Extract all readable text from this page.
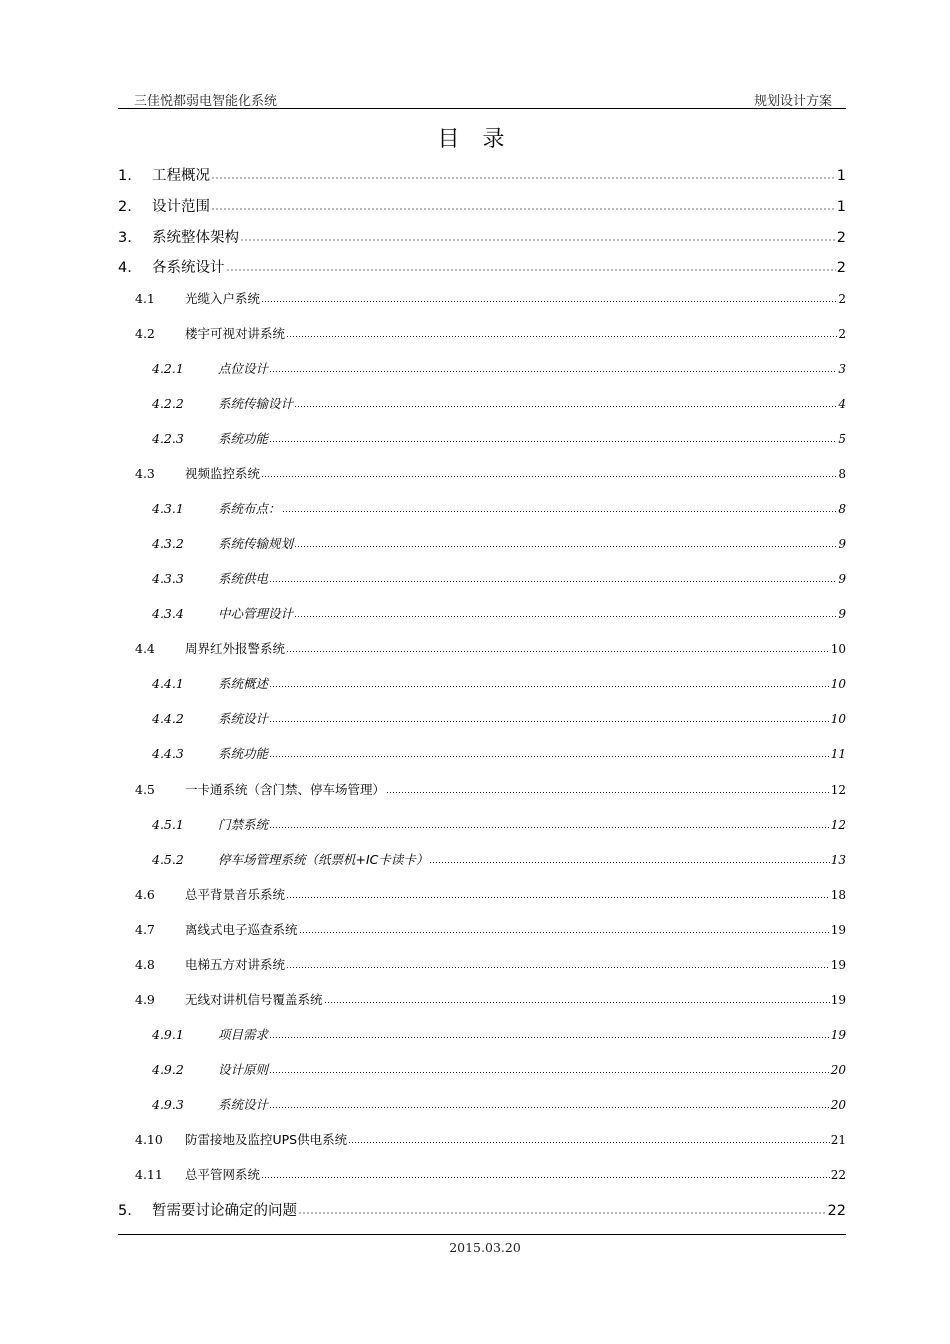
三佳悦都弱电智能化系统	规划设计方案
目 录
1.	工程概况	1
2.	设计范围	1
3.	系统整体架构	2
4.	各系统设计	2
4.1	光缆入户系统	2
4.2	楼宇可视对讲系统	2
4.2.1	点位设计	3
4.2.2	系统传输设计	4
4.2.3	系统功能	5
4.3	视频监控系统	8
4.3.1	系统布点：	8
4.3.2	系统传输规划	9
4.3.3	系统供电	9
4.3.4	中心管理设计	9
4.4	周界红外报警系统	10
4.4.1	系统概述	10
4.4.2	系统设计	10
4.4.3	系统功能	11
4.5	一卡通系统（含门禁、停车场管理）	12
4.5.1	门禁系统	12
4.5.2	停车场管理系统（纸票机+IC卡读卡）	13
4.6	总平背景音乐系统	18
4.7	离线式电子巡查系统	19
4.8	电梯五方对讲系统	19
4.9	无线对讲机信号覆盖系统	19
4.9.1	项目需求	19
4.9.2	设计原则	20
4.9.3	系统设计	20
4.10	防雷接地及监控UPS供电系统	21
4.11	总平管网系统	22
5.	暂需要讨论确定的问题	22
2015.03.20
